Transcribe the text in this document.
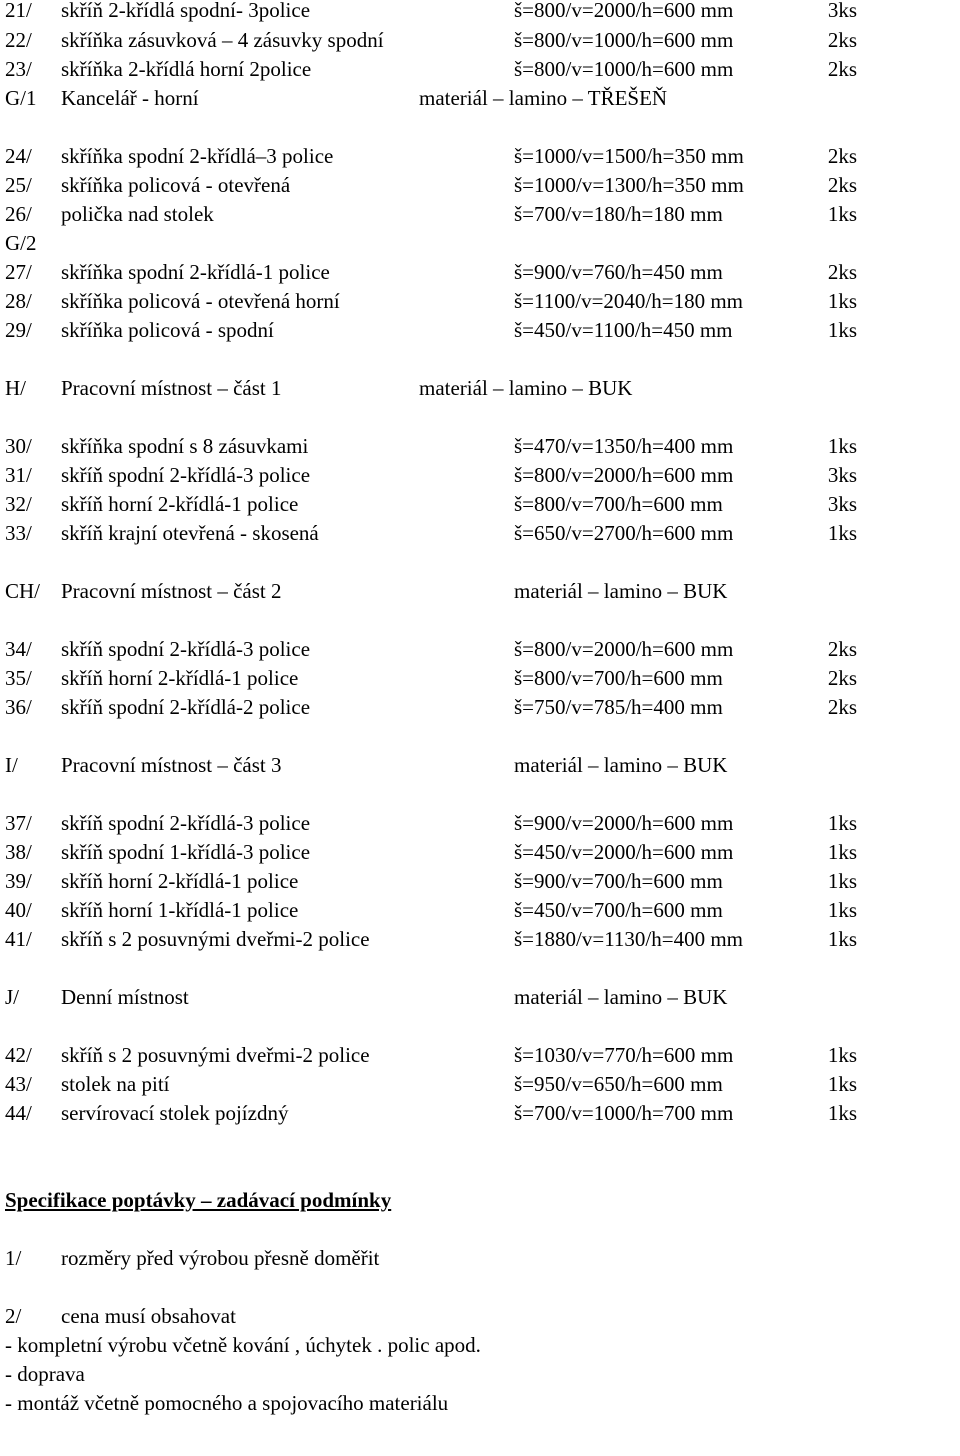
21/ skříň 2-křídlá spodní- 3police	š=800/v=2000/h=600 mm	3ks
22/ skříňka zásuvková – 4 zásuvky spodní	š=800/v=1000/h=600 mm	2ks
23/ skříňka 2-křídlá horní 2police	š=800/v=1000/h=600 mm	2ks
G/1 Kancelář - horní	materiál – lamino – TŘEŠEŇ
24/ skříňka spodní 2-křídlá–3 police	š=1000/v=1500/h=350 mm	2ks
25/ skříňka policová - otevřená	š=1000/v=1300/h=350 mm	2ks
26/ polička nad stolek	š=700/v=180/h=180 mm	1ks
G/2
27/ skříňka spodní 2-křídlá-1 police	š=900/v=760/h=450 mm	2ks
28/ skříňka policová - otevřená horní	š=1100/v=2040/h=180 mm	1ks
29/ skříňka policová - spodní	š=450/v=1100/h=450 mm	1ks
H/ Pracovní místnost – část 1	materiál – lamino – BUK
30/ skříňka spodní s 8 zásuvkami	š=470/v=1350/h=400 mm	1ks
31/ skříň spodní 2-křídlá-3 police	š=800/v=2000/h=600 mm	3ks
32/ skříň horní 2-křídlá-1 police	š=800/v=700/h=600 mm	3ks
33/ skříň krajní otevřená - skosená	š=650/v=2700/h=600 mm	1ks
CH/ Pracovní místnost – část 2	materiál – lamino – BUK
34/ skříň spodní 2-křídlá-3 police	š=800/v=2000/h=600 mm	2ks
35/ skříň horní 2-křídlá-1 police	š=800/v=700/h=600 mm	2ks
36/ skříň spodní 2-křídlá-2 police	š=750/v=785/h=400 mm	2ks
I/ Pracovní místnost – část 3	materiál – lamino – BUK
37/ skříň spodní 2-křídlá-3 police	š=900/v=2000/h=600 mm	1ks
38/ skříň spodní 1-křídlá-3 police	š=450/v=2000/h=600 mm	1ks
39/ skříň horní 2-křídlá-1 police	š=900/v=700/h=600 mm	1ks
40/ skříň horní 1-křídlá-1 police	š=450/v=700/h=600 mm	1ks
41/ skříň s 2 posuvnými dveřmi-2 police	š=1880/v=1130/h=400 mm	1ks
J/ Denní místnost	materiál – lamino – BUK
42/ skříň s 2 posuvnými dveřmi-2 police	š=1030/v=770/h=600 mm	1ks
43/ stolek na pití	š=950/v=650/h=600 mm	1ks
44/ servírovací stolek pojízdný	š=700/v=1000/h=700 mm	1ks
Specifikace poptávky – zadávací podmínky
1/ rozměry před výrobou přesně doměřit
2/ cena musí obsahovat
- kompletní výrobu včetně kování , úchytek . polic apod.
- doprava
- montáž včetně pomocného a spojovacího materiálu
